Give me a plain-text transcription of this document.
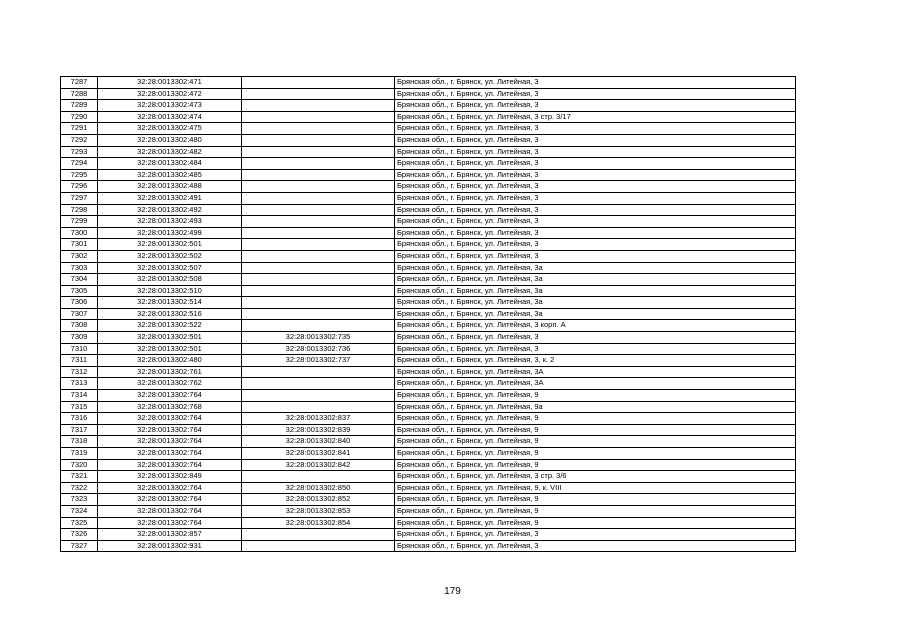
7287	32:28:0013302:471		Брянская обл., г. Брянск, ул. Литейная, 3
7288	32:28:0013302:472		Брянская обл., г. Брянск, ул. Литейная, 3
7289	32:28:0013302:473		Брянская обл., г. Брянск, ул. Литейная, 3
7290	32:28:0013302:474		Брянская обл., г. Брянск, ул. Литейная, 3 стр. 3/17
7291	32:28:0013302:475		Брянская обл., г. Брянск, ул. Литейная, 3
7292	32:28:0013302:480		Брянская обл., г. Брянск, ул. Литейная, 3
7293	32:28:0013302:482		Брянская обл., г. Брянск, ул. Литейная, 3
7294	32:28:0013302:484		Брянская обл., г. Брянск, ул. Литейная, 3
7295	32:28:0013302:485		Брянская обл., г. Брянск, ул. Литейная, 3
7296	32:28:0013302:488		Брянская обл., г. Брянск, ул. Литейная, 3
7297	32:28:0013302:491		Брянская обл., г. Брянск, ул. Литейная, 3
7298	32:28:0013302:492		Брянская обл., г. Брянск, ул. Литейная, 3
7299	32:28:0013302:493		Брянская обл., г. Брянск, ул. Литейная, 3
7300	32:28:0013302:499		Брянская обл., г. Брянск, ул. Литейная, 3
7301	32:28:0013302:501		Брянская обл., г. Брянск, ул. Литейная, 3
7302	32:28:0013302:502		Брянская обл., г. Брянск, ул. Литейная, 3
7303	32:28:0013302:507		Брянская обл., г. Брянск, ул. Литейная, 3а
7304	32:28:0013302:508		Брянская обл., г. Брянск, ул. Литейная, 3а
7305	32:28:0013302:510		Брянская обл., г. Брянск, ул. Литейная, 3а
7306	32:28:0013302:514		Брянская обл., г. Брянск, ул. Литейная, 3а
7307	32:28:0013302:516		Брянская обл., г. Брянск, ул. Литейная, 3а
7308	32:28:0013302:522		Брянская обл., г. Брянск, ул. Литейная, 3 корп. А
7309	32:28:0013302:501	32:28:0013302:735	Брянская обл., г. Брянск, ул. Литейная, 3
7310	32:28:0013302:501	32:28:0013302:736	Брянская обл., г. Брянск, ул. Литейная, 3
7311	32:28:0013302:480	32:28:0013302:737	Брянская обл., г. Брянск, ул. Литейная, 3, к. 2
7312	32:28:0013302:761		Брянская обл., г. Брянск, ул. Литейная, 3А
7313	32:28:0013302:762		Брянская обл., г. Брянск, ул. Литейная, 3А
7314	32:28:0013302:764		Брянская обл., г. Брянск, ул. Литейная, 9
7315	32:28:0013302:768		Брянская обл., г. Брянск, ул. Литейная, 9а
7316	32:28:0013302:764	32:28:0013302:837	Брянская обл., г. Брянск, ул. Литейная, 9
7317	32:28:0013302:764	32:28:0013302:839	Брянская обл., г. Брянск, ул. Литейная, 9
7318	32:28:0013302:764	32:28:0013302:840	Брянская обл., г. Брянск, ул. Литейная, 9
7319	32:28:0013302:764	32:28:0013302:841	Брянская обл., г. Брянск, ул. Литейная, 9
7320	32:28:0013302:764	32:28:0013302:842	Брянская обл., г. Брянск, ул. Литейная, 9
7321	32:28:0013302:849		Брянская обл., г. Брянск, ул. Литейная, 3 стр. 3/6
7322	32:28:0013302:764	32:28:0013302:850	Брянская обл., г. Брянск, ул. Литейная, 9, к. VIII
7323	32:28:0013302:764	32:28:0013302:852	Брянская обл., г. Брянск, ул. Литейная, 9
7324	32:28:0013302:764	32:28:0013302:853	Брянская обл., г. Брянск, ул. Литейная, 9
7325	32:28:0013302:764	32:28:0013302:854	Брянская обл., г. Брянск, ул. Литейная, 9
7326	32:28:0013302:857		Брянская обл., г. Брянск, ул. Литейная, 3
7327	32:28:0013302:931		Брянская обл., г. Брянск, ул. Литейная, 3
179
